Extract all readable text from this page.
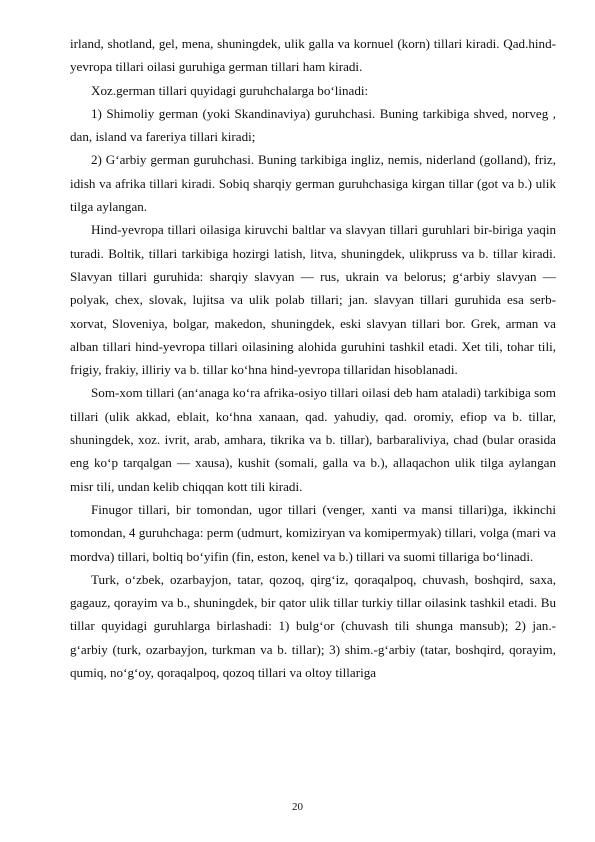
irland, shotland, gel, mena, shuningdek, ulik galla va kornuel (korn) tillari kiradi. Qad.hind-yevropa tillari oilasi guruhiga german tillari ham kiradi.

Xoz.german tillari quyidagi guruhchalarga boʻlinadi:

1) Shimoliy german (yoki Skandinaviya) guruhchasi. Buning tarkibiga shved, norveg , dan, island va fareriya tillari kiradi;

2) Gʻarbiy german guruhchasi. Buning tarkibiga ingliz, nemis, niderland (golland), friz, idish va afrika tillari kiradi. Sobiq sharqiy german guruhchasiga kirgan tillar (got va b.) ulik tilga aylangan.

Hind-yevropa tillari oilasiga kiruvchi baltlar va slavyan tillari guruhlari bir-biriga yaqin turadi. Boltik, tillari tarkibiga hozirgi latish, litva, shuningdek, ulikpruss va b. tillar kiradi. Slavyan tillari guruhida: sharqiy slavyan — rus, ukrain va belorus; gʻarbiy slavyan — polyak, chex, slovak, lujitsa va ulik polab tillari; jan. slavyan tillari guruhida esa serb-xorvat, Sloveniya, bolgar, makedon, shuningdek, eski slavyan tillari bor. Grek, arman va alban tillari hind-yevropa tillari oilasining alohida guruhini tashkil etadi. Xet tili, tohar tili, frigiy, frakiy, illiriy va b. tillar koʻhna hind-yevropa tillaridan hisoblanadi.

Som-xom tillari (anʻanaga koʻra afrika-osiyo tillari oilasi deb ham ataladi) tarkibiga som tillari (ulik akkad, eblait, koʻhna xanaan, qad. yahudiy, qad. oromiy, efiop va b. tillar, shuningdek, xoz. ivrit, arab, amhara, tikrika va b. tillar), barbaraliviya, chad (bular orasida eng koʻp tarqalgan — xausa), kushit (somali, galla va b.), allaqachon ulik tilga aylangan misr tili, undan kelib chiqqan kott tili kiradi.

Finugor tillari, bir tomondan, ugor tillari (venger, xanti va mansi tillari)ga, ikkinchi tomondan, 4 guruhchaga: perm (udmurt, komiziryan va komipermyak) tillari, volga (mari va mordva) tillari, boltiq boʻyifin (fin, eston, kenel va b.) tillari va suomi tillariga boʻlinadi.

Turk, oʻzbek, ozarbayjon, tatar, qozoq, qirgʻiz, qoraqalpoq, chuvash, boshqird, saxa, gagauz, qorayim va b., shuningdek, bir qator ulik tillar turkiy tillar oilasink tashkil etadi. Bu tillar quyidagi guruhlarga birlashadi: 1) bulgʻor (chuvash tili shunga mansub); 2) jan.-gʻarbiy (turk, ozarbayjon, turkman va b. tillar); 3) shim.-gʻarbiy (tatar, boshqird, qorayim, qumiq, noʻgʻoy, qoraqalpoq, qozoq tillari va oltoy tillariga

20
